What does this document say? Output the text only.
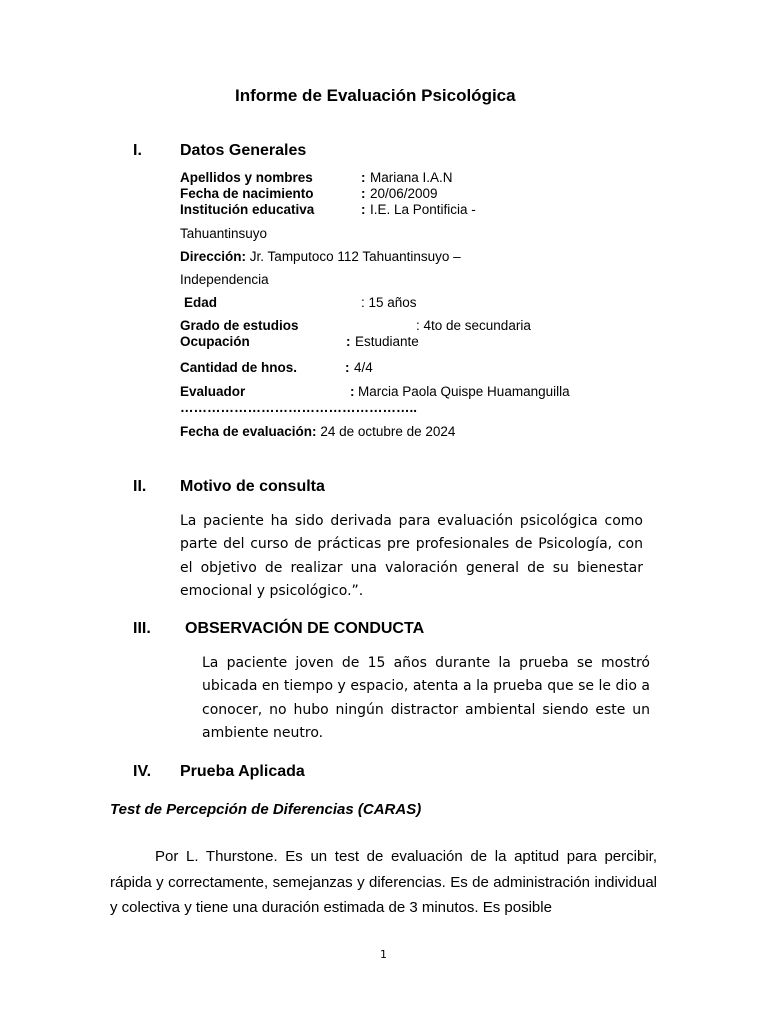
Informe de Evaluación Psicológica
I. Datos Generales
Apellidos y nombres	: Mariana I.A.N
Fecha de nacimiento	: 20/06/2009
Institución educativa	: I.E. La Pontificia -
Tahuantinsuyo
Dirección: Jr. Tamputoco 112 Tahuantinsuyo –
Independencia
Edad	: 15 años
Grado de estudios	: 4to de secundaria
Ocupación	: Estudiante
Cantidad de hnos.	: 4/4
Evaluador	: Marcia Paola Quispe Huamanguilla
……………………………………………..
Fecha de evaluación: 24 de octubre de 2024
II. Motivo de consulta
La paciente ha sido derivada para evaluación psicológica como parte del curso de prácticas pre profesionales de Psicología, con el objetivo de realizar una valoración general de su bienestar emocional y psicológico.”.
III. OBSERVACIÓN DE CONDUCTA
La paciente joven de 15 años durante la prueba se mostró ubicada en tiempo y espacio, atenta a la prueba que se le dio a conocer, no hubo ningún distractor ambiental siendo este un ambiente neutro.
IV. Prueba Aplicada
Test de Percepción de Diferencias (CARAS)
Por L. Thurstone. Es un test de evaluación de la aptitud para percibir, rápida y correctamente, semejanzas y diferencias. Es de administración individual y colectiva y tiene una duración estimada de 3 minutos. Es posible
1
